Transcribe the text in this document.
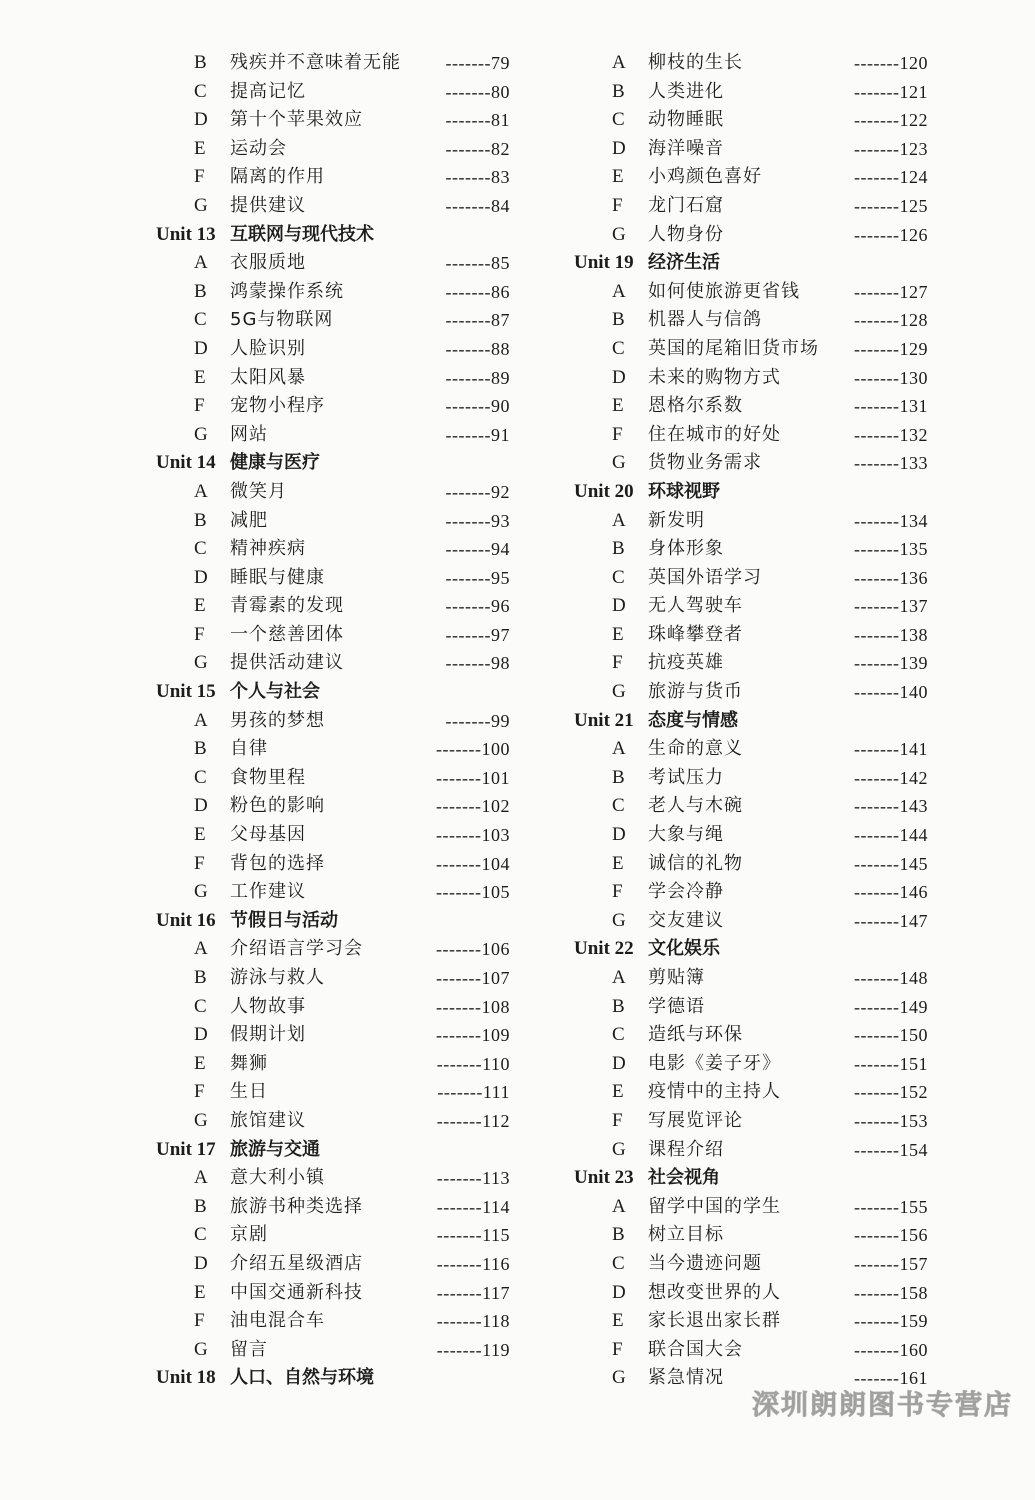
B	残疾并不意味着无能 -------79
C	提高记忆	-------80
D	第十个苹果效应	-------81
E	运动会	-------82
F	隔离的作用	-------83
G	提供建议	-------84
Unit 13 互联网与现代技术
A	衣服质地	-------85
B	鸿蒙操作系统	-------86
C	5G与物联网	-------87
D	人脸识别	-------88
E	太阳风暴	-------89
F	宠物小程序	-------90
G	网站	-------91
Unit 14 健康与医疗
A	微笑月	-------92
B	减肥	-------93
C	精神疾病	-------94
D	睡眠与健康	-------95
E	青霉素的发现	-------96
F	一个慈善团体	-------97
G	提供活动建议	-------98
Unit 15 个人与社会
A	男孩的梦想	-------99
B	自律	-------100
C	食物里程	-------101
D	粉色的影响	-------102
E	父母基因	-------103
F	背包的选择	-------104
G	工作建议	-------105
Unit 16 节假日与活动
A	介绍语言学习会	-------106
B	游泳与救人	-------107
C	人物故事	-------108
D	假期计划	-------109
E	舞狮	-------110
F	生日	-------111
G	旅馆建议	-------112
Unit 17 旅游与交通
A	意大利小镇	-------113
B	旅游书种类选择	-------114
C	京剧	-------115
D	介绍五星级酒店	-------116
E	中国交通新科技	-------117
F	油电混合车	-------118
G	留言	-------119
Unit 18 人口、自然与环境
A	柳枝的生长	-------120
B	人类进化	-------121
C	动物睡眠	-------122
D	海洋噪音	-------123
E	小鸡颜色喜好	-------124
F	龙门石窟	-------125
G	人物身份	-------126
Unit 19 经济生活
A	如何使旅游更省钱	-------127
B	机器人与信鸽	-------128
C	英国的尾箱旧货市场 -------129
D	未来的购物方式	-------130
E	恩格尔系数	-------131
F	住在城市的好处	-------132
G	货物业务需求	-------133
Unit 20 环球视野
A	新发明	-------134
B	身体形象	-------135
C	英国外语学习	-------136
D	无人驾驶车	-------137
E	珠峰攀登者	-------138
F	抗疫英雄	-------139
G	旅游与货币	-------140
Unit 21 态度与情感
A	生命的意义	-------141
B	考试压力	-------142
C	老人与木碗	-------143
D	大象与绳	-------144
E	诚信的礼物	-------145
F	学会冷静	-------146
G	交友建议	-------147
Unit 22 文化娱乐
A	剪贴簿	-------148
B	学德语	-------149
C	造纸与环保	-------150
D	电影《姜子牙》	-------151
E	疫情中的主持人	-------152
F	写展览评论	-------153
G	课程介绍	-------154
Unit 23 社会视角
A	留学中国的学生	-------155
B	树立目标	-------156
C	当今遗迹问题	-------157
D	想改变世界的人	-------158
E	家长退出家长群	-------159
F	联合国大会	-------160
G	紧急情况	-------161
深圳朗朗图书专营店
